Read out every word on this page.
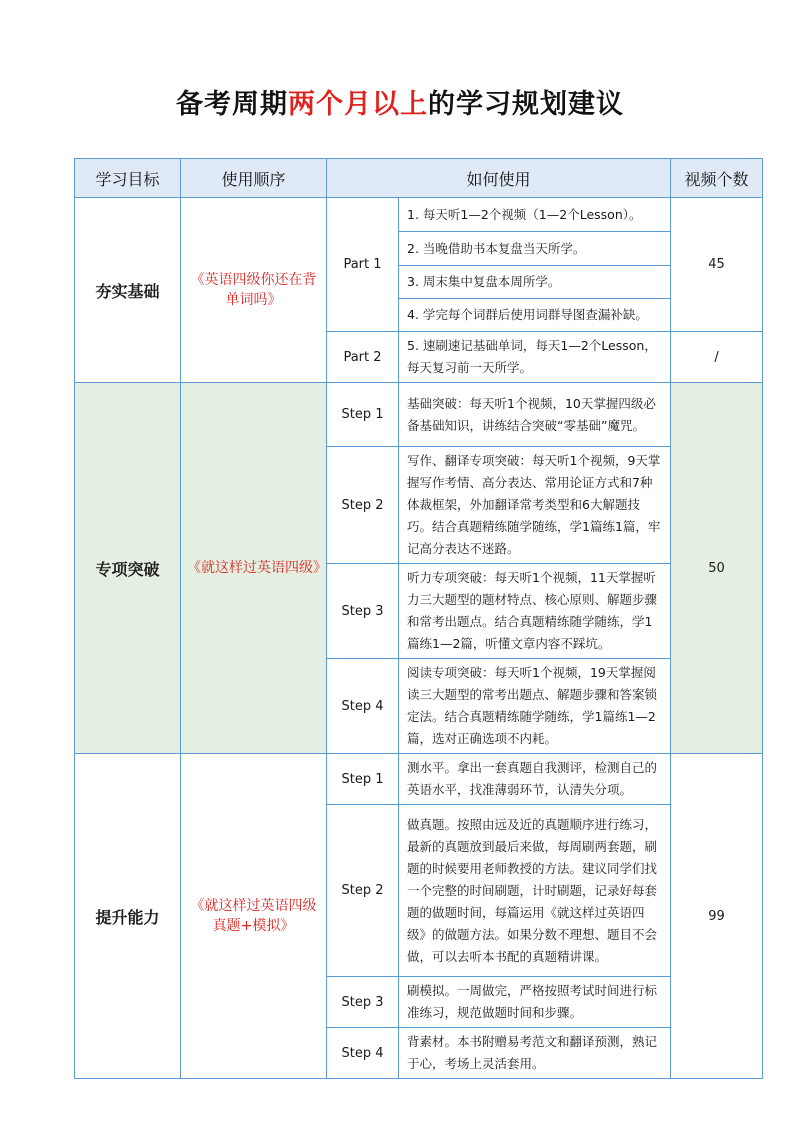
备考周期两个月以上的学习规划建议
学习目标	使用顺序	如何使用		视频个数
夯实基础	《英语四级你还在背单词吗》	Part 1	1. 每天听1—2个视频（1—2个Lesson）。	45
			2. 当晚借助书本复盘当天所学。	
			3. 周末集中复盘本周所学。	
			4. 学完每个词群后使用词群导图查漏补缺。	
		Part 2	5. 速刷速记基础单词，每天1—2个Lesson，每天复习前一天所学。	/
专项突破	《就这样过英语四级》	Step 1	基础突破：每天听1个视频，10天掌握四级必备基础知识，讲练结合突破“零基础”魔咒。	50
		Step 2	写作、翻译专项突破：每天听1个视频，9天掌握写作考情、高分表达、常用论证方式和7种体裁框架，外加翻译常考类型和6大解题技巧。结合真题精练随学随练，学1篇练1篇，牢记高分表达不迷路。	
		Step 3	听力专项突破：每天听1个视频，11天掌握听力三大题型的题材特点、核心原则、解题步骤和常考出题点。结合真题精练随学随练，学1篇练1—2篇，听懂文章内容不踩坑。	
		Step 4	阅读专项突破：每天听1个视频，19天掌握阅读三大题型的常考出题点、解题步骤和答案锁定法。结合真题精练随学随练，学1篇练1—2篇，选对正确选项不内耗。	
提升能力	《就这样过英语四级真题+模拟》	Step 1	测水平。拿出一套真题自我测评，检测自己的英语水平，找准薄弱环节，认清失分项。	99
		Step 2	做真题。按照由远及近的真题顺序进行练习，最新的真题放到最后来做，每周刷两套题，刷题的时候要用老师教授的方法。建议同学们找一个完整的时间刷题，计时刷题，记录好每套题的做题时间，每篇运用《就这样过英语四级》的做题方法。如果分数不理想、题目不会做，可以去听本书配的真题精讲课。	
		Step 3	刷模拟。一周做完，严格按照考试时间进行标准练习，规范做题时间和步骤。	
		Step 4	背素材。本书附赠易考范文和翻译预测，熟记于心，考场上灵活套用。	
